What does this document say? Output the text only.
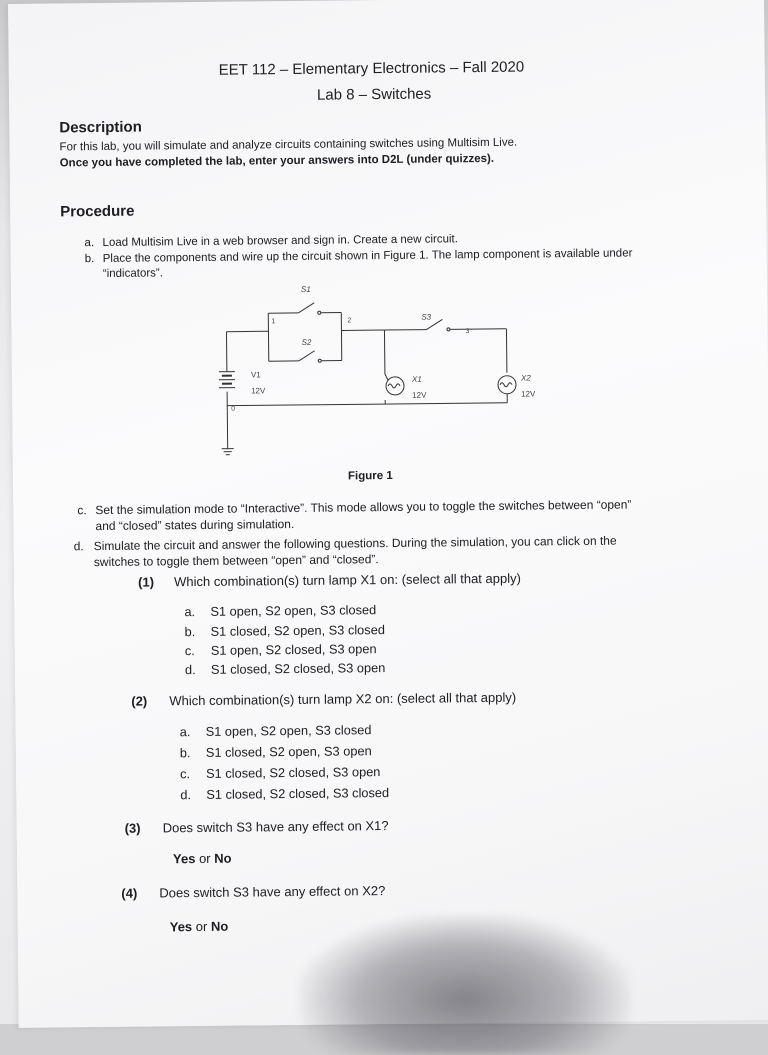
EET 112 – Elementary Electronics – Fall 2020
Lab 8 – Switches
Description
For this lab, you will simulate and analyze circuits containing switches using Multisim Live.
Once you have completed the lab, enter your answers into D2L (under quizzes).
Procedure
a. Load Multisim Live in a web browser and sign in. Create a new circuit.
b. Place the components and wire up the circuit shown in Figure 1. The lamp component is available under
“indicators”.
S1
1	2
S2
S3
3
V1
12V
0
X1
12V
X2
12V
Figure 1
c. Set the simulation mode to “Interactive”. This mode allows you to toggle the switches between “open”
and “closed” states during simulation.
d. Simulate the circuit and answer the following questions. During the simulation, you can click on the
switches to toggle them between “open” and “closed”.
(1) Which combination(s) turn lamp X1 on: (select all that apply)
a. S1 open, S2 open, S3 closed
b. S1 closed, S2 open, S3 closed
c. S1 open, S2 closed, S3 open
d. S1 closed, S2 closed, S3 open
(2) Which combination(s) turn lamp X2 on: (select all that apply)
a. S1 open, S2 open, S3 closed
b. S1 closed, S2 open, S3 open
c. S1 closed, S2 closed, S3 open
d. S1 closed, S2 closed, S3 closed
(3) Does switch S3 have any effect on X1?
Yes or No
(4) Does switch S3 have any effect on X2?
Yes or No
